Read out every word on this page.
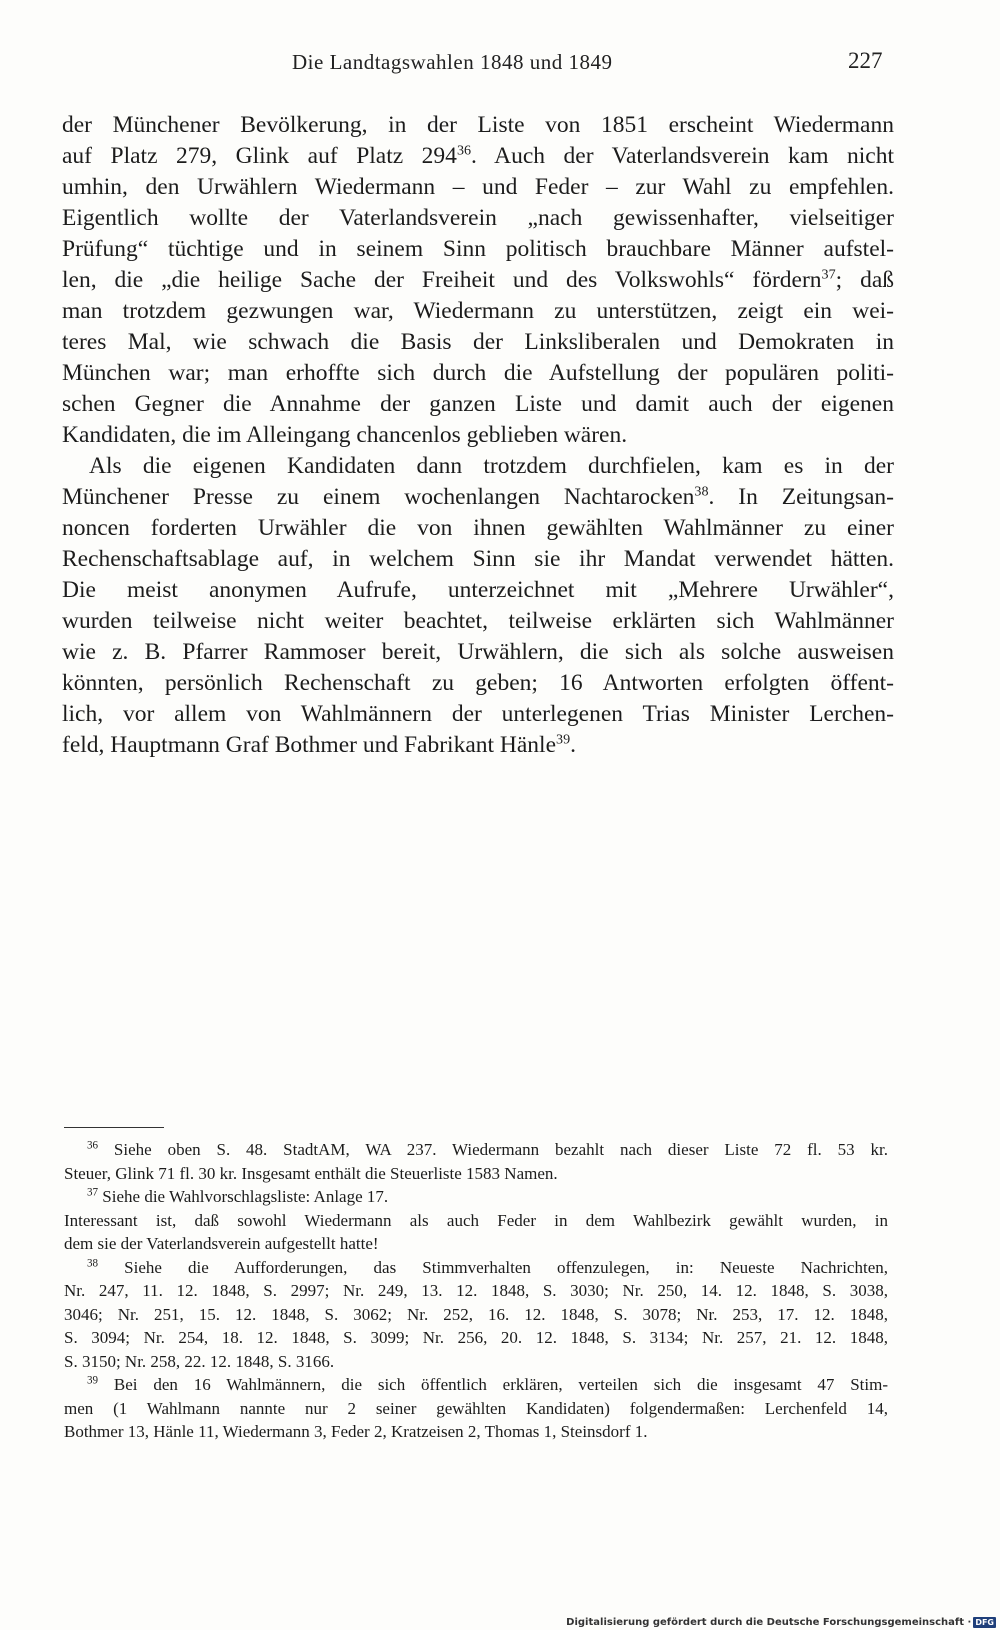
Die Landtagswahlen 1848 und 1849	227
der Münchener Bevölkerung, in der Liste von 1851 erscheint Wiedermann
auf Platz 279, Glink auf Platz $294^{36}$. Auch der Vaterlandsverein kam nicht
umhin, den Urwählern Wiedermann – und Feder – zur Wahl zu empfehlen.
Eigentlich wollte der Vaterlandsverein „nach gewissenhafter, vielseitiger
Prüfung“ tüchtige und in seinem Sinn politisch brauchbare Männer aufstel-
len, die „die heilige Sache der Freiheit und des Volkswohls“ fördern$^{37}$; daß
man trotzdem gezwungen war, Wiedermann zu unterstützen, zeigt ein wei-
teres Mal, wie schwach die Basis der Linksliberalen und Demokraten in
München war; man erhoffte sich durch die Aufstellung der populären politi-
schen Gegner die Annahme der ganzen Liste und damit auch der eigenen
Kandidaten, die im Alleingang chancenlos geblieben wären.
Als die eigenen Kandidaten dann trotzdem durchfielen, kam es in der
Münchener Presse zu einem wochenlangen Nachtarocken$^{38}$. In Zeitungsan-
noncen forderten Urwähler die von ihnen gewählten Wahlmänner zu einer
Rechenschaftsablage auf, in welchem Sinn sie ihr Mandat verwendet hätten.
Die meist anonymen Aufrufe, unterzeichnet mit „Mehrere Urwähler“,
wurden teilweise nicht weiter beachtet, teilweise erklärten sich Wahlmänner
wie z. B. Pfarrer Rammoser bereit, Urwählern, die sich als solche ausweisen
könnten, persönlich Rechenschaft zu geben; 16 Antworten erfolgten öffent-
lich, vor allem von Wahlmännern der unterlegenen Trias Minister Lerchen-
feld, Hauptmann Graf Bothmer und Fabrikant Hänle$^{39}$.
$^{36}$ Siehe oben S. 48. StadtAM, WA 237. Wiedermann bezahlt nach dieser Liste 72 fl. 53 kr.
Steuer, Glink 71 fl. 30 kr. Insgesamt enthält die Steuerliste 1583 Namen.
$^{37}$ Siehe die Wahlvorschlagsliste: Anlage 17.
Interessant ist, daß sowohl Wiedermann als auch Feder in dem Wahlbezirk gewählt wurden, in
dem sie der Vaterlandsverein aufgestellt hatte!
$^{38}$ Siehe die Aufforderungen, das Stimmverhalten offenzulegen, in: Neueste Nachrichten,
Nr. 247, 11. 12. 1848, S. 2997; Nr. 249, 13. 12. 1848, S. 3030; Nr. 250, 14. 12. 1848, S. 3038,
3046; Nr. 251, 15. 12. 1848, S. 3062; Nr. 252, 16. 12. 1848, S. 3078; Nr. 253, 17. 12. 1848,
S. 3094; Nr. 254, 18. 12. 1848, S. 3099; Nr. 256, 20. 12. 1848, S. 3134; Nr. 257, 21. 12. 1848,
S. 3150; Nr. 258, 22. 12. 1848, S. 3166.
$^{39}$ Bei den 16 Wahlmännern, die sich öffentlich erklären, verteilen sich die insgesamt 47 Stim-
men (1 Wahlmann nannte nur 2 seiner gewählten Kandidaten) folgendermaßen: Lerchenfeld 14,
Bothmer 13, Hänle 11, Wiedermann 3, Feder 2, Kratzeisen 2, Thomas 1, Steinsdorf 1.
Digitalisierung gefördert durch die Deutsche Forschungsgemeinschaft · DFG
